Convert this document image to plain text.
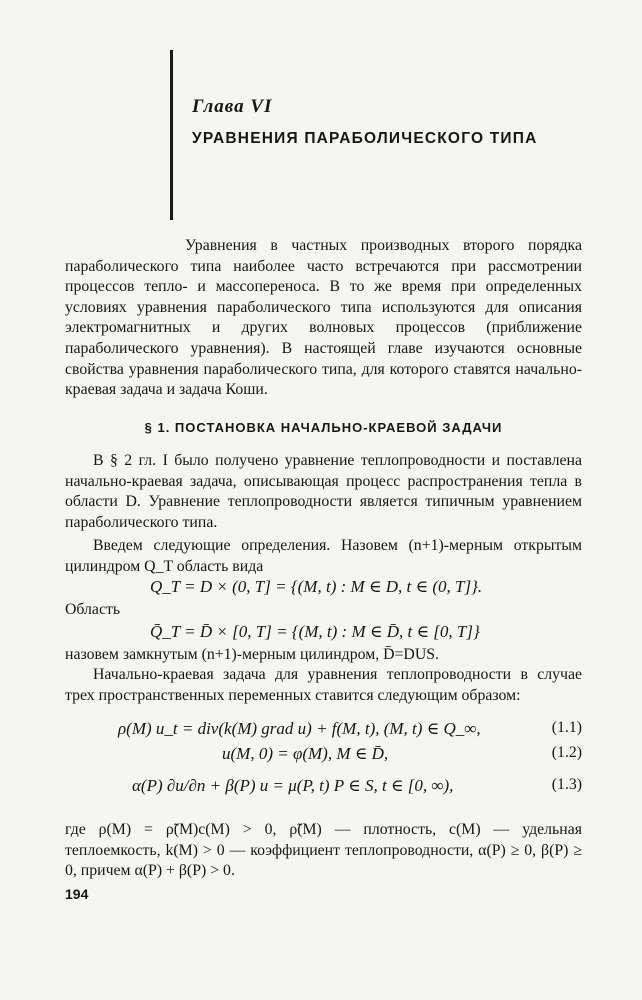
Глава VI
УРАВНЕНИЯ ПАРАБОЛИЧЕСКОГО ТИПА
Уравнения в частных производных второго порядка параболического типа наиболее часто встречаются при рассмотрении процессов тепло- и массопереноса. В то же время при определенных условиях уравнения параболического типа используются для описания электромагнитных и других волновых процессов (приближение параболического уравнения). В настоящей главе изучаются основные свойства уравнения параболического типа, для которого ставятся начально-краевая задача и задача Коши.
§ 1. ПОСТАНОВКА НАЧАЛЬНО-КРАЕВОЙ ЗАДАЧИ
В § 2 гл. I было получено уравнение теплопроводности и поставлена начально-краевая задача, описывающая процесс распространения тепла в области D. Уравнение теплопроводности является типичным уравнением параболического типа.
Введем следующие определения. Назовем (n+1)-мерным открытым цилиндром Q_T область вида
Q_T = D × (0, T] = {(M, t) : M ∈ D, t ∈ (0, T]}.
Область
Q̄_T = D̄ × [0, T] = {(M, t) : M ∈ D̄, t ∈ [0, T]}
назовем замкнутым (n+1)-мерным цилиндром, D̄=DUS.
Начально-краевая задача для уравнения теплопроводности в случае трех пространственных переменных ставится следующим образом:
ρ(M) u_t = div(k(M) grad u) + f(M, t), (M, t) ∈ Q_∞,	(1.1)
u(M, 0) = φ(M), M ∈ D̄,	(1.2)
α(P) ∂u/∂n + β(P) u = μ(P, t) P ∈ S, t ∈ [0, ∞),	(1.3)
где ρ(M) = ρ̃(M)c(M) > 0, ρ̃(M) — плотность, c(M) — удельная теплоемкость, k(M) > 0 — коэффициент теплопроводности, α(P) ≥ 0, β(P) ≥ 0, причем α(P) + β(P) > 0.
194
